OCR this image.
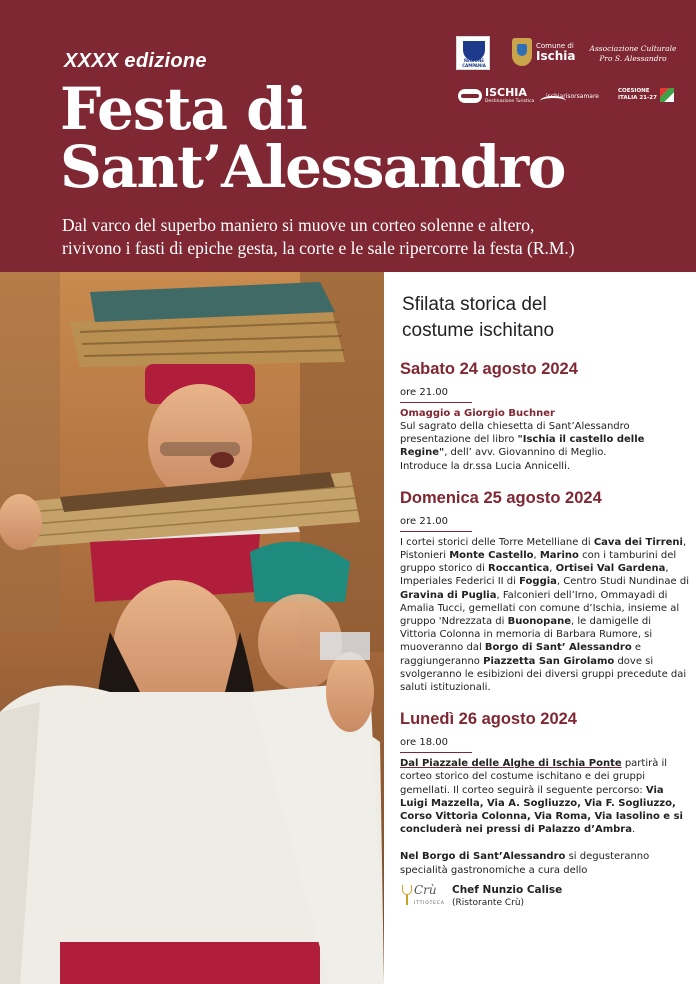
XXXX edizione
Festa di
Sant’Alessandro
Dal varco del superbo maniero si muove un corteo solenne e altero,
rivivono i fasti di epiche gesta, la corte e le sale ripercorre la festa (R.M.)
REGIONE CAMPANIA
Comune di
Ischia	Associazione Culturale
Pro S. Alessandro
ISCHIA
Destinazione Turistica
ischiarisorsamare
COESIONE
ITALIA 21-27
Sfilata storica del
costume ischitano
Sabato 24 agosto 2024
ore 21.00
Omaggio a Giorgio Buchner
Sul sagrato della chiesetta di Sant’Alessandro presentazione del libro "Ischia il castello delle Regine", dell’ avv. Giovannino di Meglio.
Introduce la dr.ssa Lucia Annicelli.
Domenica 25 agosto 2024
ore 21.00
I cortei storici delle Torre Metelliane di Cava dei Tirreni, Pistonieri Monte Castello, Marino con i tamburini del gruppo storico di Roccantica, Ortisei Val Gardena, Imperiales Federici II di Foggia, Centro Studi Nundinae di Gravina di Puglia, Falconieri dell’Irno, Ommayadi di Amalia Tucci, gemellati con comune d’Ischia, insieme al gruppo 'Ndrezzata di Buonopane, le damigelle di Vittoria Colonna in memoria di Barbara Rumore, si muoveranno dal Borgo di Sant’ Alessandro e raggiungeranno Piazzetta San Girolamo dove si svolgeranno le esibizioni dei diversi gruppi precedute dai saluti istituzionali.
Lunedì 26 agosto 2024
ore 18.00
Dal Piazzale delle Alghe di Ischia Ponte partirà il corteo storico del costume ischitano e dei gruppi gemellati. Il corteo seguirà il seguente percorso: Via Luigi Mazzella, Via A. Sogliuzzo, Via F. Sogliuzzo, Corso Vittoria Colonna, Via Roma, Via Iasolino e si concluderà nei pressi di Palazzo d’Ambra.
Nel Borgo di Sant’Alessandro si degusteranno specialità gastronomiche a cura dello
Crù
ITTIOTECA
Chef Nunzio Calise
(Ristorante Crù)
